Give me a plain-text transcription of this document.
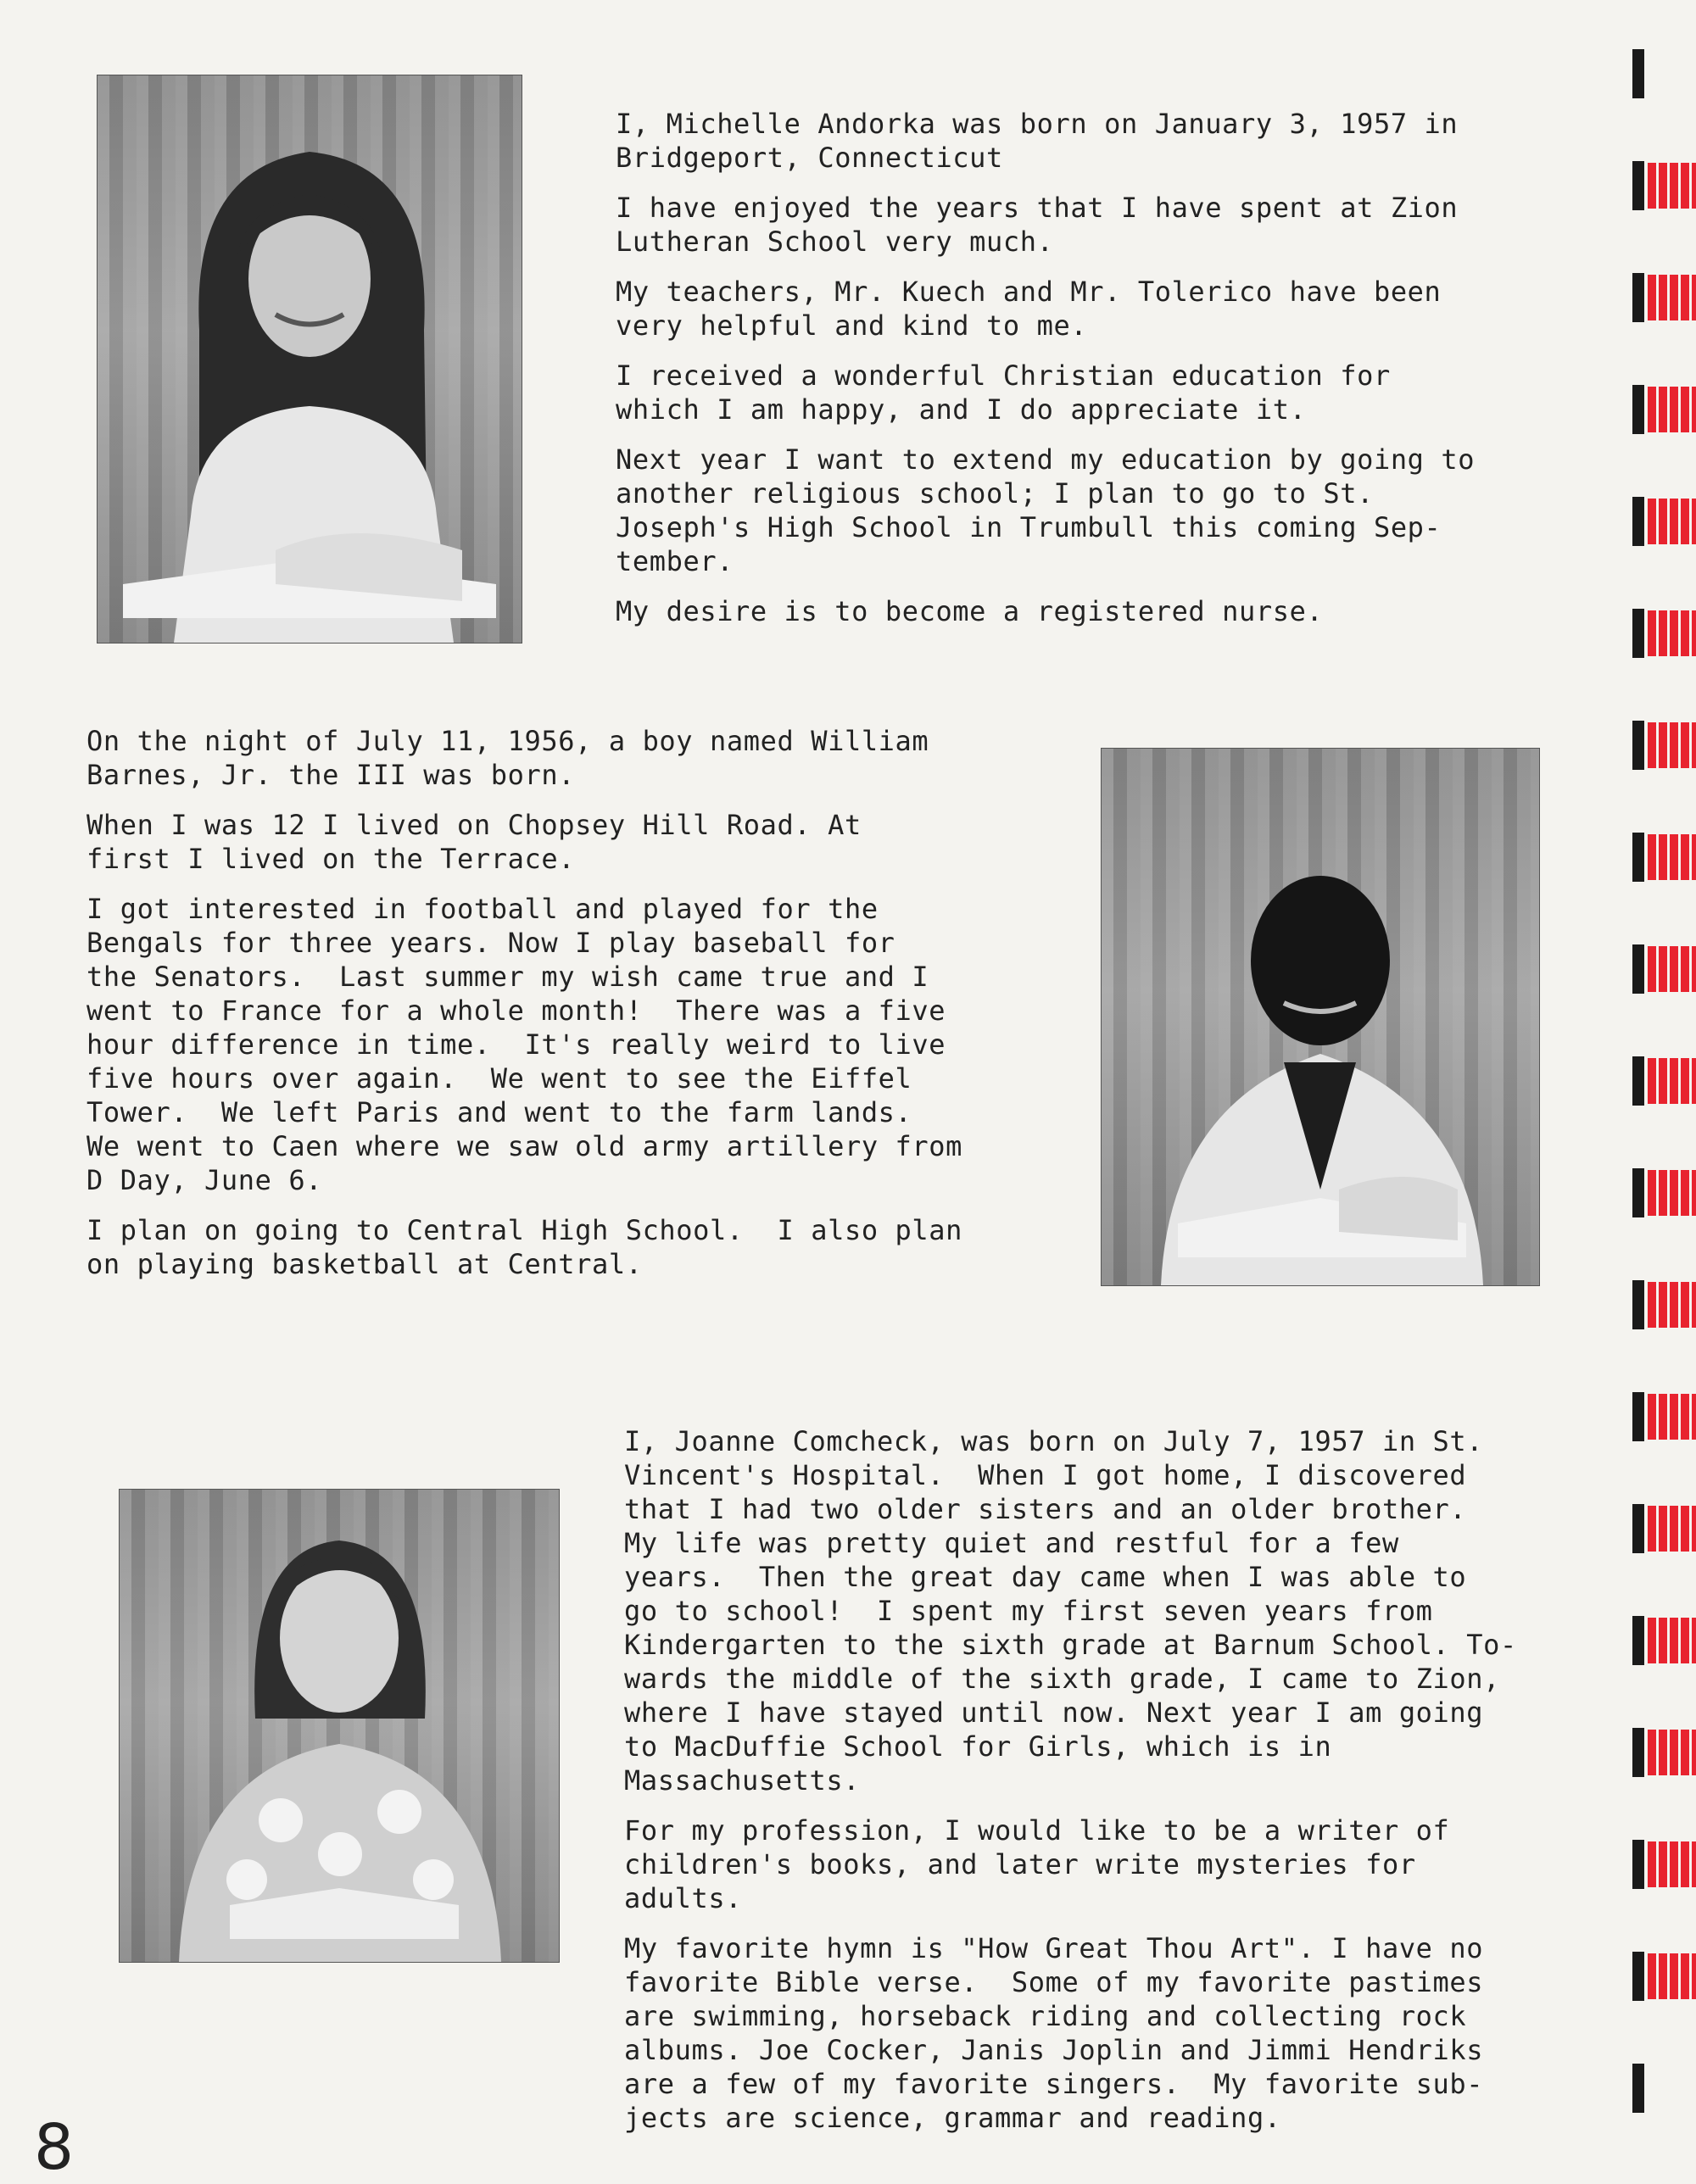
I, Michelle Andorka was born on January 3, 1957 in
Bridgeport, Connecticut

I have enjoyed the years that I have spent at Zion
Lutheran School very much.

My teachers, Mr. Kuech and Mr. Tolerico have been
very helpful and kind to me.

I received a wonderful Christian education for
which I am happy, and I do appreciate it.

Next year I want to extend my education by going to
another religious school; I plan to go to St.
Joseph's High School in Trumbull this coming Sep-
tember.

My desire is to become a registered nurse.

On the night of July 11, 1956, a boy named William
Barnes, Jr. the III was born.

When I was 12 I lived on Chopsey Hill Road. At
first I lived on the Terrace.

I got interested in football and played for the
Bengals for three years. Now I play baseball for
the Senators.  Last summer my wish came true and I
went to France for a whole month!  There was a five
hour difference in time.  It's really weird to live
five hours over again.  We went to see the Eiffel
Tower.  We left Paris and went to the farm lands.
We went to Caen where we saw old army artillery from
D Day, June 6.

I plan on going to Central High School.  I also plan
on playing basketball at Central.

I, Joanne Comcheck, was born on July 7, 1957 in St.
Vincent's Hospital.  When I got home, I discovered
that I had two older sisters and an older brother.
My life was pretty quiet and restful for a few
years.  Then the great day came when I was able to
go to school!  I spent my first seven years from
Kindergarten to the sixth grade at Barnum School. To-
wards the middle of the sixth grade, I came to Zion,
where I have stayed until now. Next year I am going
to MacDuffie School for Girls, which is in
Massachusetts.

For my profession, I would like to be a writer of
children's books, and later write mysteries for
adults.

My favorite hymn is "How Great Thou Art". I have no
favorite Bible verse.  Some of my favorite pastimes
are swimming, horseback riding and collecting rock
albums. Joe Cocker, Janis Joplin and Jimmi Hendriks
are a few of my favorite singers.  My favorite sub-
jects are science, grammar and reading.

8
